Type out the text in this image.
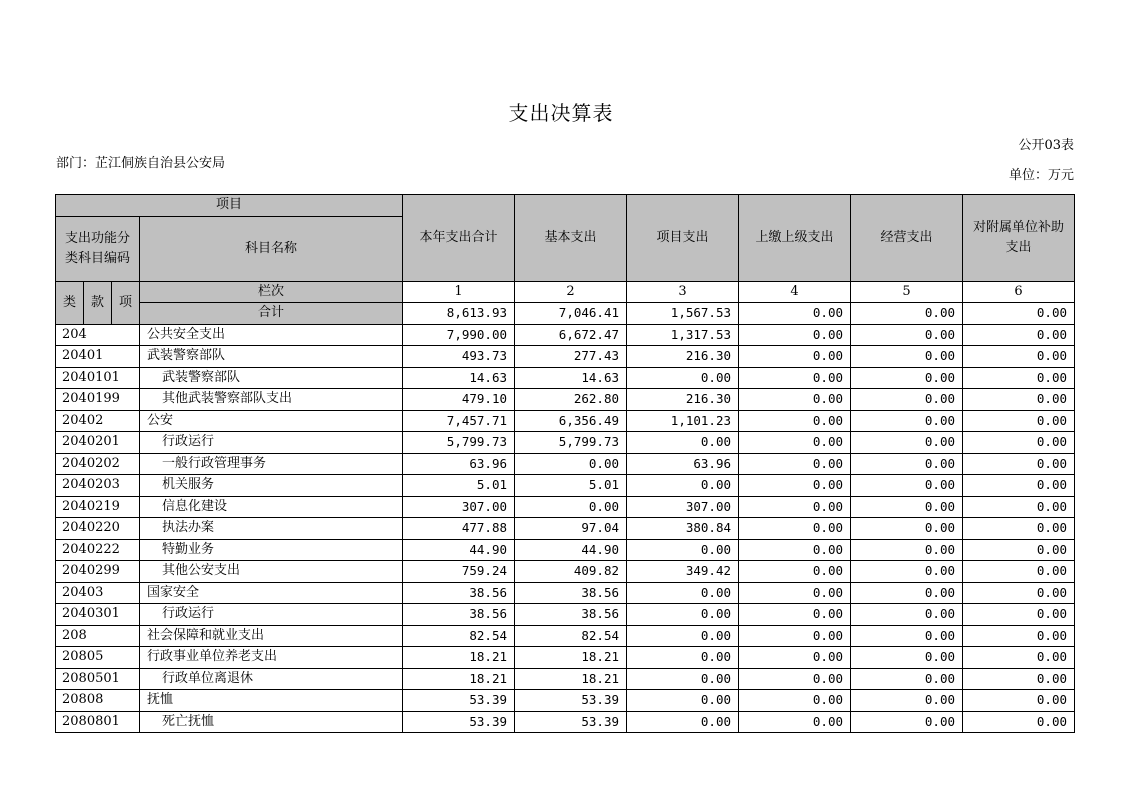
支出决算表
公开03表
部门：芷江侗族自治县公安局
单位：万元
项目				本年支出合计	基本支出	项目支出	上缴上级支出	经营支出	对附属单位补助支出
支出功能分类科目编码			科目名称						
类	款	项	栏次	1	2	3	4	5	6
			合计	8,613.93	7,046.41	1,567.53	0.00	0.00	0.00
204			公共安全支出	7,990.00	6,672.47	1,317.53	0.00	0.00	0.00
20401			武装警察部队	493.73	277.43	216.30	0.00	0.00	0.00
2040101			武装警察部队	14.63	14.63	0.00	0.00	0.00	0.00
2040199			其他武装警察部队支出	479.10	262.80	216.30	0.00	0.00	0.00
20402			公安	7,457.71	6,356.49	1,101.23	0.00	0.00	0.00
2040201			行政运行	5,799.73	5,799.73	0.00	0.00	0.00	0.00
2040202			一般行政管理事务	63.96	0.00	63.96	0.00	0.00	0.00
2040203			机关服务	5.01	5.01	0.00	0.00	0.00	0.00
2040219			信息化建设	307.00	0.00	307.00	0.00	0.00	0.00
2040220			执法办案	477.88	97.04	380.84	0.00	0.00	0.00
2040222			特勤业务	44.90	44.90	0.00	0.00	0.00	0.00
2040299			其他公安支出	759.24	409.82	349.42	0.00	0.00	0.00
20403			国家安全	38.56	38.56	0.00	0.00	0.00	0.00
2040301			行政运行	38.56	38.56	0.00	0.00	0.00	0.00
208			社会保障和就业支出	82.54	82.54	0.00	0.00	0.00	0.00
20805			行政事业单位养老支出	18.21	18.21	0.00	0.00	0.00	0.00
2080501			行政单位离退休	18.21	18.21	0.00	0.00	0.00	0.00
20808			抚恤	53.39	53.39	0.00	0.00	0.00	0.00
2080801			死亡抚恤	53.39	53.39	0.00	0.00	0.00	0.00
